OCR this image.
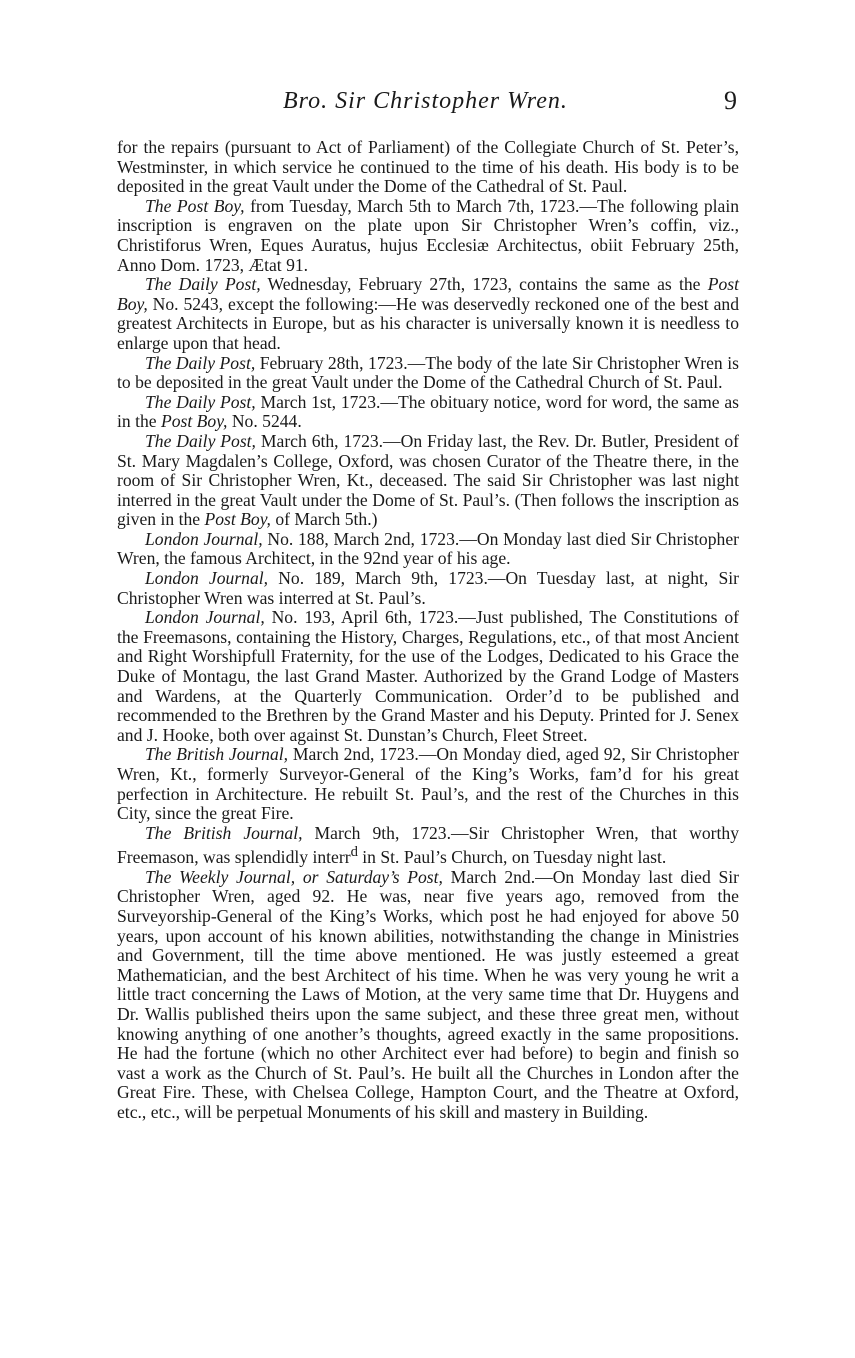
Bro. Sir Christopher Wren.	9

for the repairs (pursuant to Act of Parliament) of the Collegiate Church of St. Peter’s, Westminster, in which service he continued to the time of his death. His body is to be deposited in the great Vault under the Dome of the Cathedral of St. Paul.

The Post Boy, from Tuesday, March 5th to March 7th, 1723.—The following plain inscription is engraven on the plate upon Sir Christopher Wren’s coffin, viz., Christiforus Wren, Eques Auratus, hujus Ecclesiæ Architectus, obiit February 25th, Anno Dom. 1723, Ætat 91.

The Daily Post, Wednesday, February 27th, 1723, contains the same as the Post Boy, No. 5243, except the following:—He was deservedly reckoned one of the best and greatest Architects in Europe, but as his character is universally known it is needless to enlarge upon that head.

The Daily Post, February 28th, 1723.—The body of the late Sir Christopher Wren is to be deposited in the great Vault under the Dome of the Cathedral Church of St. Paul.

The Daily Post, March 1st, 1723.—The obituary notice, word for word, the same as in the Post Boy, No. 5244.

The Daily Post, March 6th, 1723.—On Friday last, the Rev. Dr. Butler, President of St. Mary Magdalen’s College, Oxford, was chosen Curator of the Theatre there, in the room of Sir Christopher Wren, Kt., deceased. The said Sir Christopher was last night interred in the great Vault under the Dome of St. Paul’s. (Then follows the inscription as given in the Post Boy, of March 5th.)

London Journal, No. 188, March 2nd, 1723.—On Monday last died Sir Christopher Wren, the famous Architect, in the 92nd year of his age.

London Journal, No. 189, March 9th, 1723.—On Tuesday last, at night, Sir Christopher Wren was interred at St. Paul’s.

London Journal, No. 193, April 6th, 1723.—Just published, The Constitutions of the Freemasons, containing the History, Charges, Regulations, etc., of that most Ancient and Right Worshipfull Fraternity, for the use of the Lodges, Dedicated to his Grace the Duke of Montagu, the last Grand Master. Authorized by the Grand Lodge of Masters and Wardens, at the Quarterly Communication. Order’d to be published and recommended to the Brethren by the Grand Master and his Deputy. Printed for J. Senex and J. Hooke, both over against St. Dunstan’s Church, Fleet Street.

The British Journal, March 2nd, 1723.—On Monday died, aged 92, Sir Christopher Wren, Kt., formerly Surveyor-General of the King’s Works, fam’d for his great perfection in Architecture. He rebuilt St. Paul’s, and the rest of the Churches in this City, since the great Fire.

The British Journal, March 9th, 1723.—Sir Christopher Wren, that worthy Freemason, was splendidly interr$^d$ in St. Paul’s Church, on Tuesday night last.

The Weekly Journal, or Saturday’s Post, March 2nd.—On Monday last died Sir Christopher Wren, aged 92. He was, near five years ago, removed from the Surveyorship-General of the King’s Works, which post he had enjoyed for above 50 years, upon account of his known abilities, notwithstanding the change in Ministries and Government, till the time above mentioned. He was justly esteemed a great Mathematician, and the best Architect of his time. When he was very young he writ a little tract concerning the Laws of Motion, at the very same time that Dr. Huygens and Dr. Wallis published theirs upon the same subject, and these three great men, without knowing anything of one another’s thoughts, agreed exactly in the same propositions. He had the fortune (which no other Architect ever had before) to begin and finish so vast a work as the Church of St. Paul’s. He built all the Churches in London after the Great Fire. These, with Chelsea College, Hampton Court, and the Theatre at Oxford, etc., etc., will be perpetual Monuments of his skill and mastery in Building.
